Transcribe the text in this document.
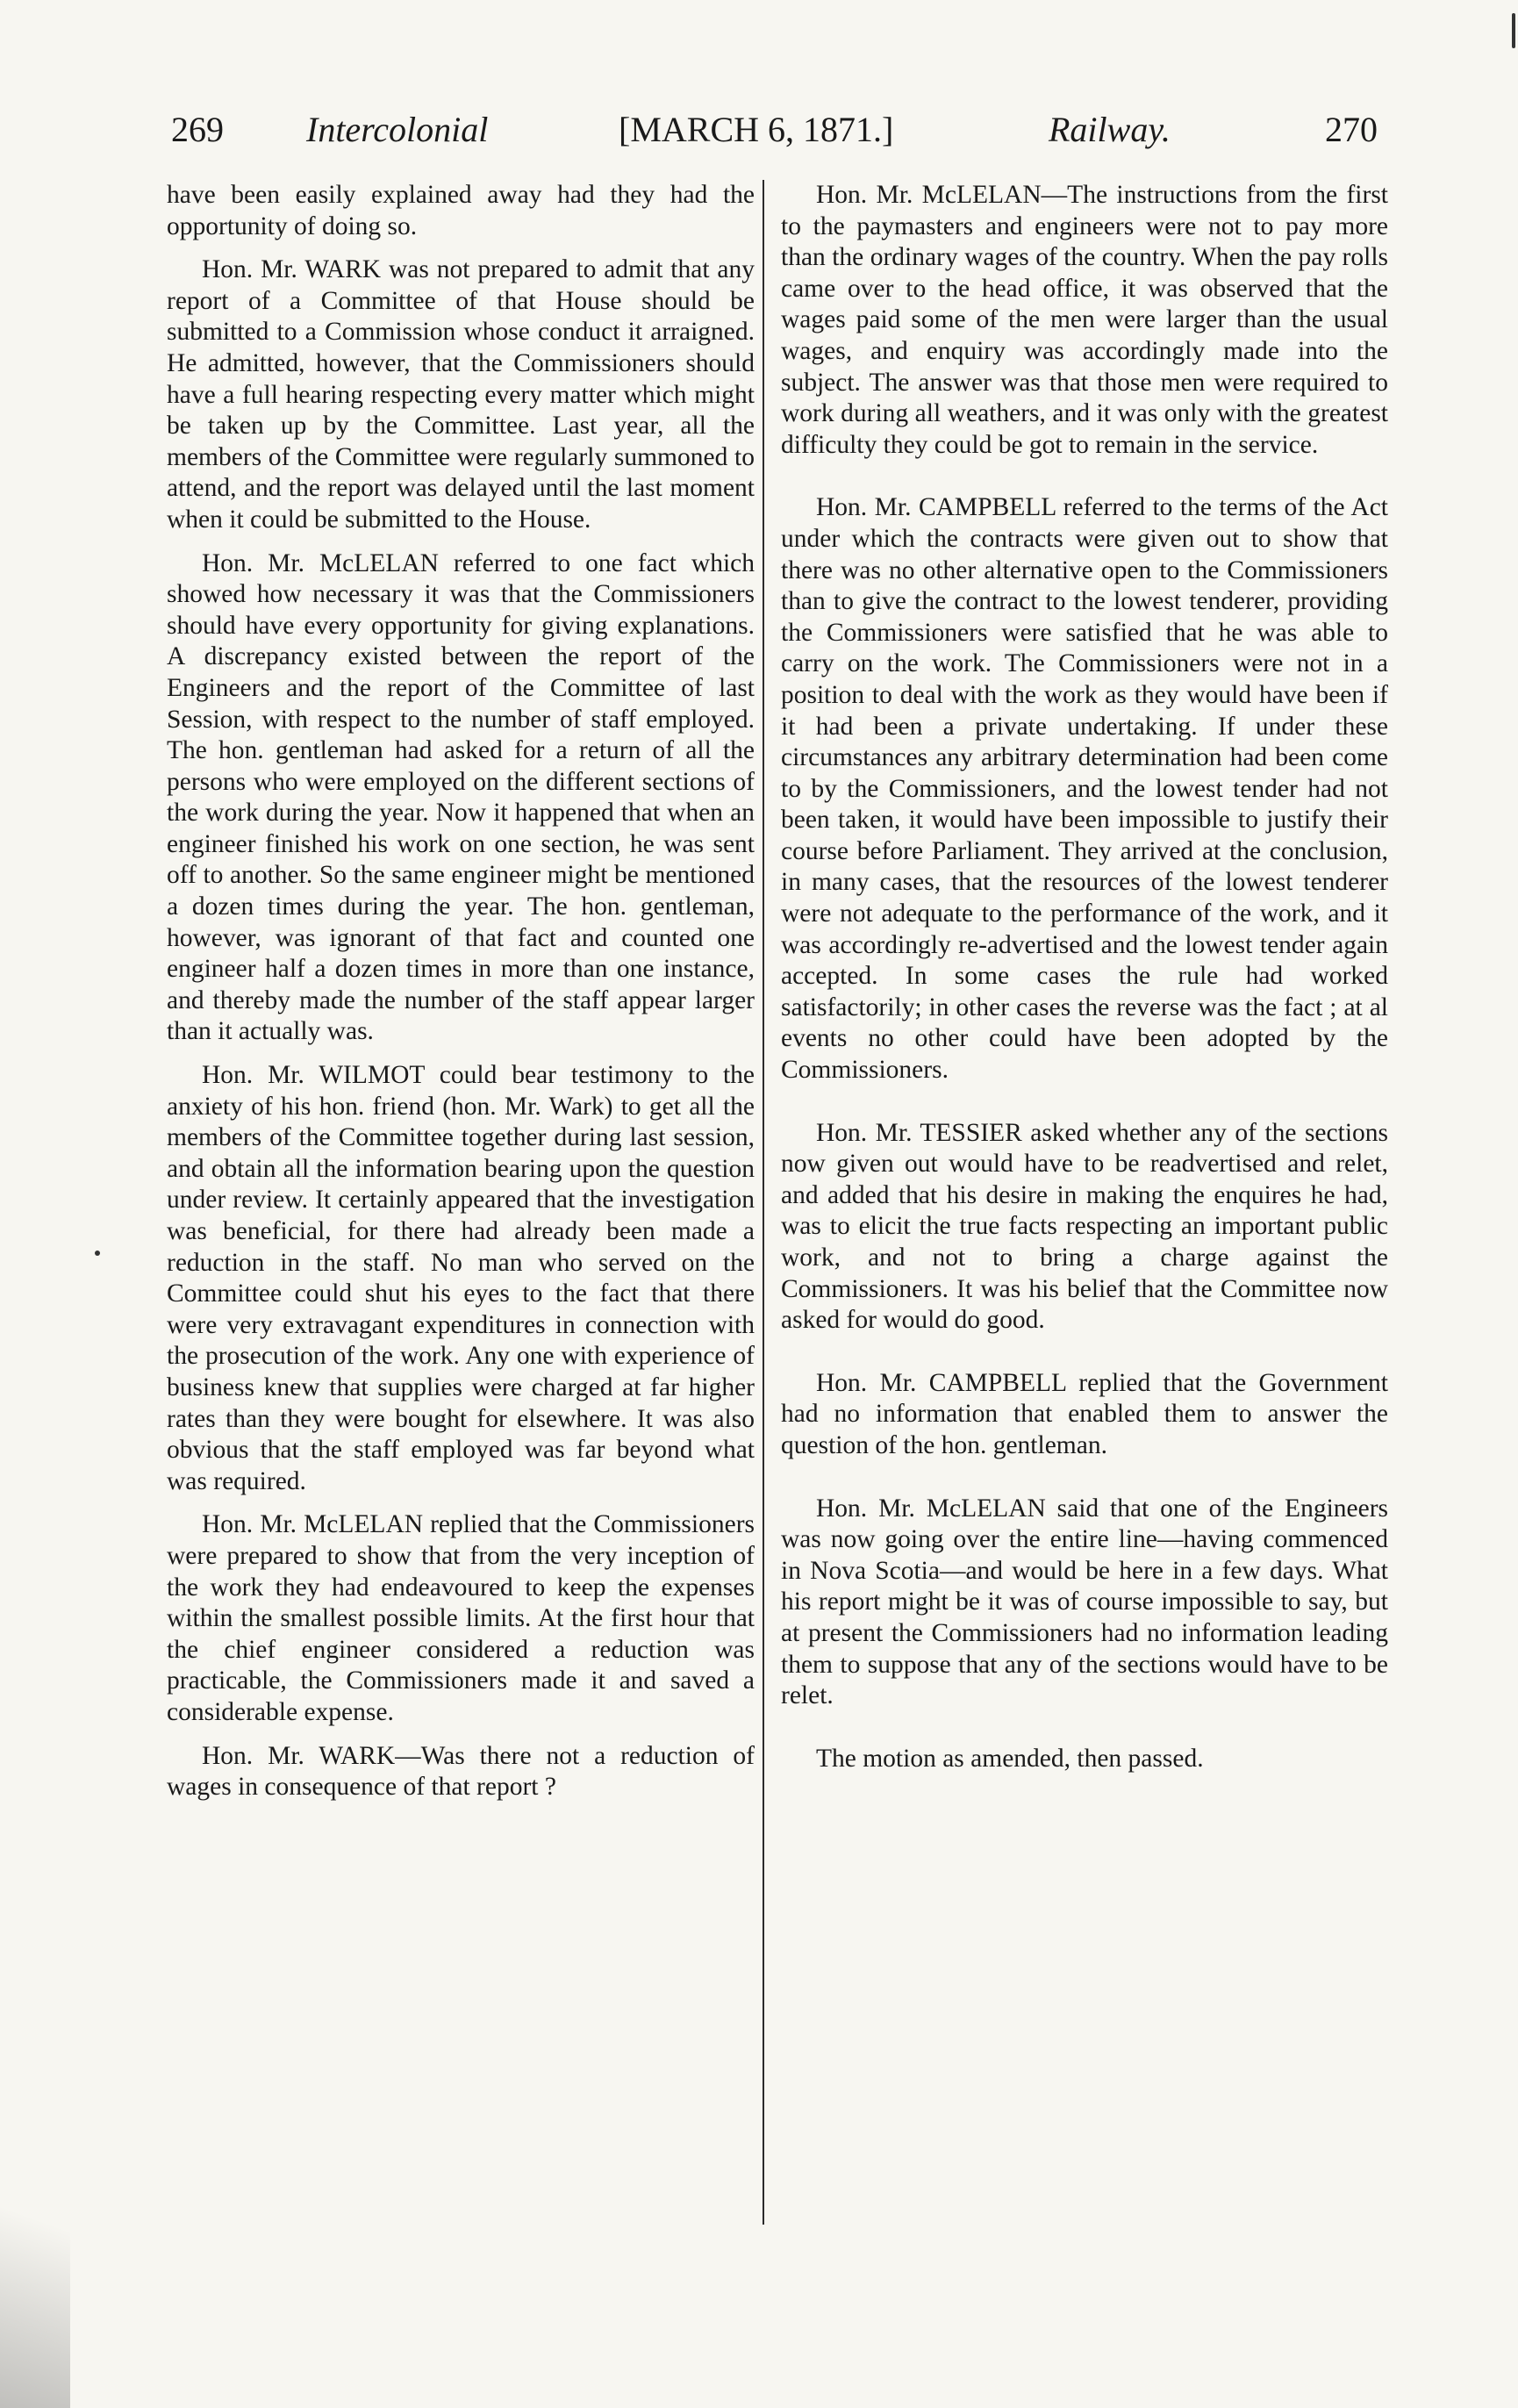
269 Intercolonial	[MARCH 6, 1871.]	Railway.	270

have been easily explained away had they had the opportunity of doing so.

Hon. Mr. WARK was not prepared to admit that any report of a Committee of that House should be submitted to a Commission whose conduct it arraigned. He admitted, however, that the Commissioners should have a full hearing respecting every matter which might be taken up by the Committee. Last year, all the members of the Committee were regularly summoned to attend, and the report was delayed until the last moment when it could be submitted to the House.

Hon. Mr. McLELAN referred to one fact which showed how necessary it was that the Commissioners should have every opportunity for giving explanations. A discrepancy existed between the report of the Engineers and the report of the Committee of last Session, with respect to the number of staff employed. The hon. gentleman had asked for a return of all the persons who were employed on the different sections of the work during the year. Now it happened that when an engineer finished his work on one section, he was sent off to another. So the same engineer might be mentioned a dozen times during the year. The hon. gentleman, however, was ignorant of that fact and counted one engineer half a dozen times in more than one instance, and thereby made the number of the staff appear larger than it actually was.

Hon. Mr. WILMOT could bear testimony to the anxiety of his hon. friend (hon. Mr. Wark) to get all the members of the Committee together during last session, and obtain all the information bearing upon the question under review. It certainly appeared that the investigation was beneficial, for there had already been made a reduction in the staff. No man who served on the Committee could shut his eyes to the fact that there were very extravagant expenditures in connection with the prosecution of the work. Any one with experience of business knew that supplies were charged at far higher rates than they were bought for elsewhere. It was also obvious that the staff employed was far beyond what was required.

Hon. Mr. McLELAN replied that the Commissioners were prepared to show that from the very inception of the work they had endeavoured to keep the expenses within the smallest possible limits. At the first hour that the chief engineer considered a reduction was practicable, the Commissioners made it and saved a considerable expense.

Hon. Mr. WARK—Was there not a reduction of wages in consequence of that report ?

Hon. Mr. McLELAN—The instructions from the first to the paymasters and engineers were not to pay more than the ordinary wages of the country. When the pay rolls came over to the head office, it was observed that the wages paid some of the men were larger than the usual wages, and enquiry was accordingly made into the subject. The answer was that those men were required to work during all weathers, and it was only with the greatest difficulty they could be got to remain in the service.

Hon. Mr. CAMPBELL referred to the terms of the Act under which the contracts were given out to show that there was no other alternative open to the Commissioners than to give the contract to the lowest tenderer, providing the Commissioners were satisfied that he was able to carry on the work. The Commissioners were not in a position to deal with the work as they would have been if it had been a private undertaking. If under these circumstances any arbitrary determination had been come to by the Commissioners, and the lowest tender had not been taken, it would have been impossible to justify their course before Parliament. They arrived at the conclusion, in many cases, that the resources of the lowest tenderer were not adequate to the performance of the work, and it was accordingly re-advertised and the lowest tender again accepted. In some cases the rule had worked satisfactorily; in other cases the reverse was the fact ; at al events no other could have been adopted by the Commissioners.

Hon. Mr. TESSIER asked whether any of the sections now given out would have to be readvertised and relet, and added that his desire in making the enquires he had, was to elicit the true facts respecting an important public work, and not to bring a charge against the Commissioners. It was his belief that the Committee now asked for would do good.

Hon. Mr. CAMPBELL replied that the Government had no information that enabled them to answer the question of the hon. gentleman.

Hon. Mr. McLELAN said that one of the Engineers was now going over the entire line—having commenced in Nova Scotia—and would be here in a few days. What his report might be it was of course impossible to say, but at present the Commissioners had no information leading them to suppose that any of the sections would have to be relet.

The motion as amended, then passed.
